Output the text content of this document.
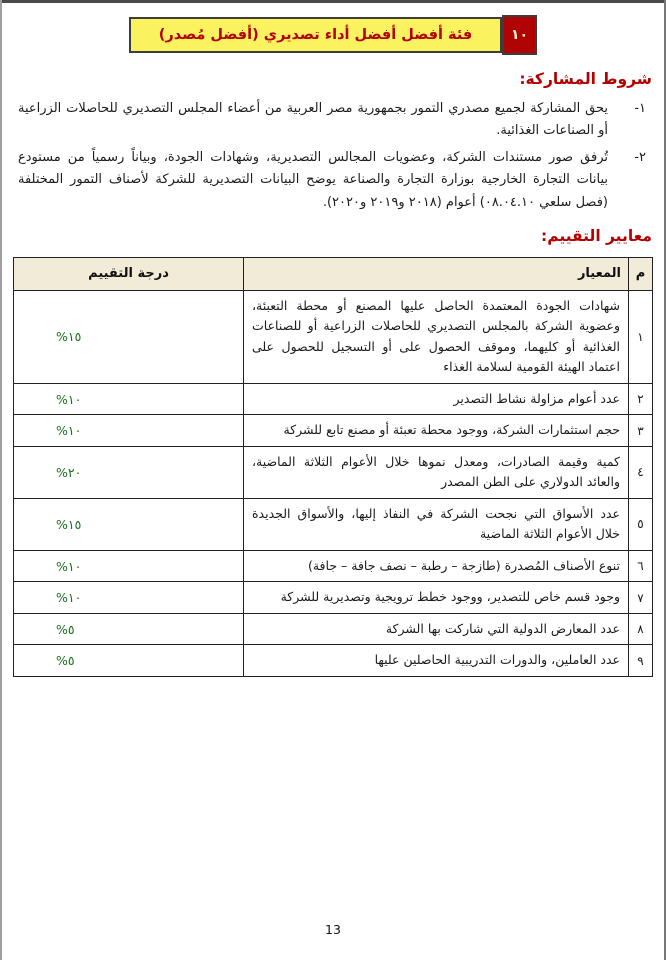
١٠
فئة أفضل أفضل أداء تصديري (أفضل مُصدر)
شروط المشاركة:
١-
يحق المشاركة لجميع مصدري التمور بجمهورية مصر العربية من أعضاء المجلس التصديري للحاصلات الزراعية أو الصناعات الغذائية.
٢-
تُرفق صور مستندات الشركة، وعضويات المجالس التصديرية، وشهادات الجودة، وبياناً رسمياً من مستودع بيانات التجارة الخارجية بوزارة التجارة والصناعة يوضح البيانات التصديرية للشركة لأصناف التمور المختلفة (فصل سلعي ٠٨.٠٤.١٠) أعوام (٢٠١٨ و٢٠١٩ و٢٠٢٠).
معايير التقييم:
م	المعيار	درجة التقييم
١	شهادات الجودة المعتمدة الحاصل عليها المصنع أو محطة التعبئة، وعضوية الشركة بالمجلس التصديري للحاصلات الزراعية أو للصناعات الغذائية أو كليهما، وموقف الحصول على أو التسجيل للحصول على اعتماد الهيئة القومية لسلامة الغذاء	١٥%
٢	عدد أعوام مزاولة نشاط التصدير	١٠%
٣	حجم استثمارات الشركة، ووجود محطة تعبئة أو مصنع تابع للشركة	١٠%
٤	كمية وقيمة الصادرات، ومعدل نموها خلال الأعوام الثلاثة الماضية، والعائد الدولاري على الطن المصدر	٢٠%
٥	عدد الأسواق التي نجحت الشركة في النفاذ إليها، والأسواق الجديدة خلال الأعوام الثلاثة الماضية	١٥%
٦	تنوع الأصناف المُصدرة (طازجة – رطبة – نصف جافة – جافة)	١٠%
٧	وجود قسم خاص للتصدير، ووجود خطط ترويجية وتصديرية للشركة	١٠%
٨	عدد المعارض الدولية التي شاركت بها الشركة	٥%
٩	عدد العاملين، والدورات التدريبية الحاصلين عليها	٥%
13
